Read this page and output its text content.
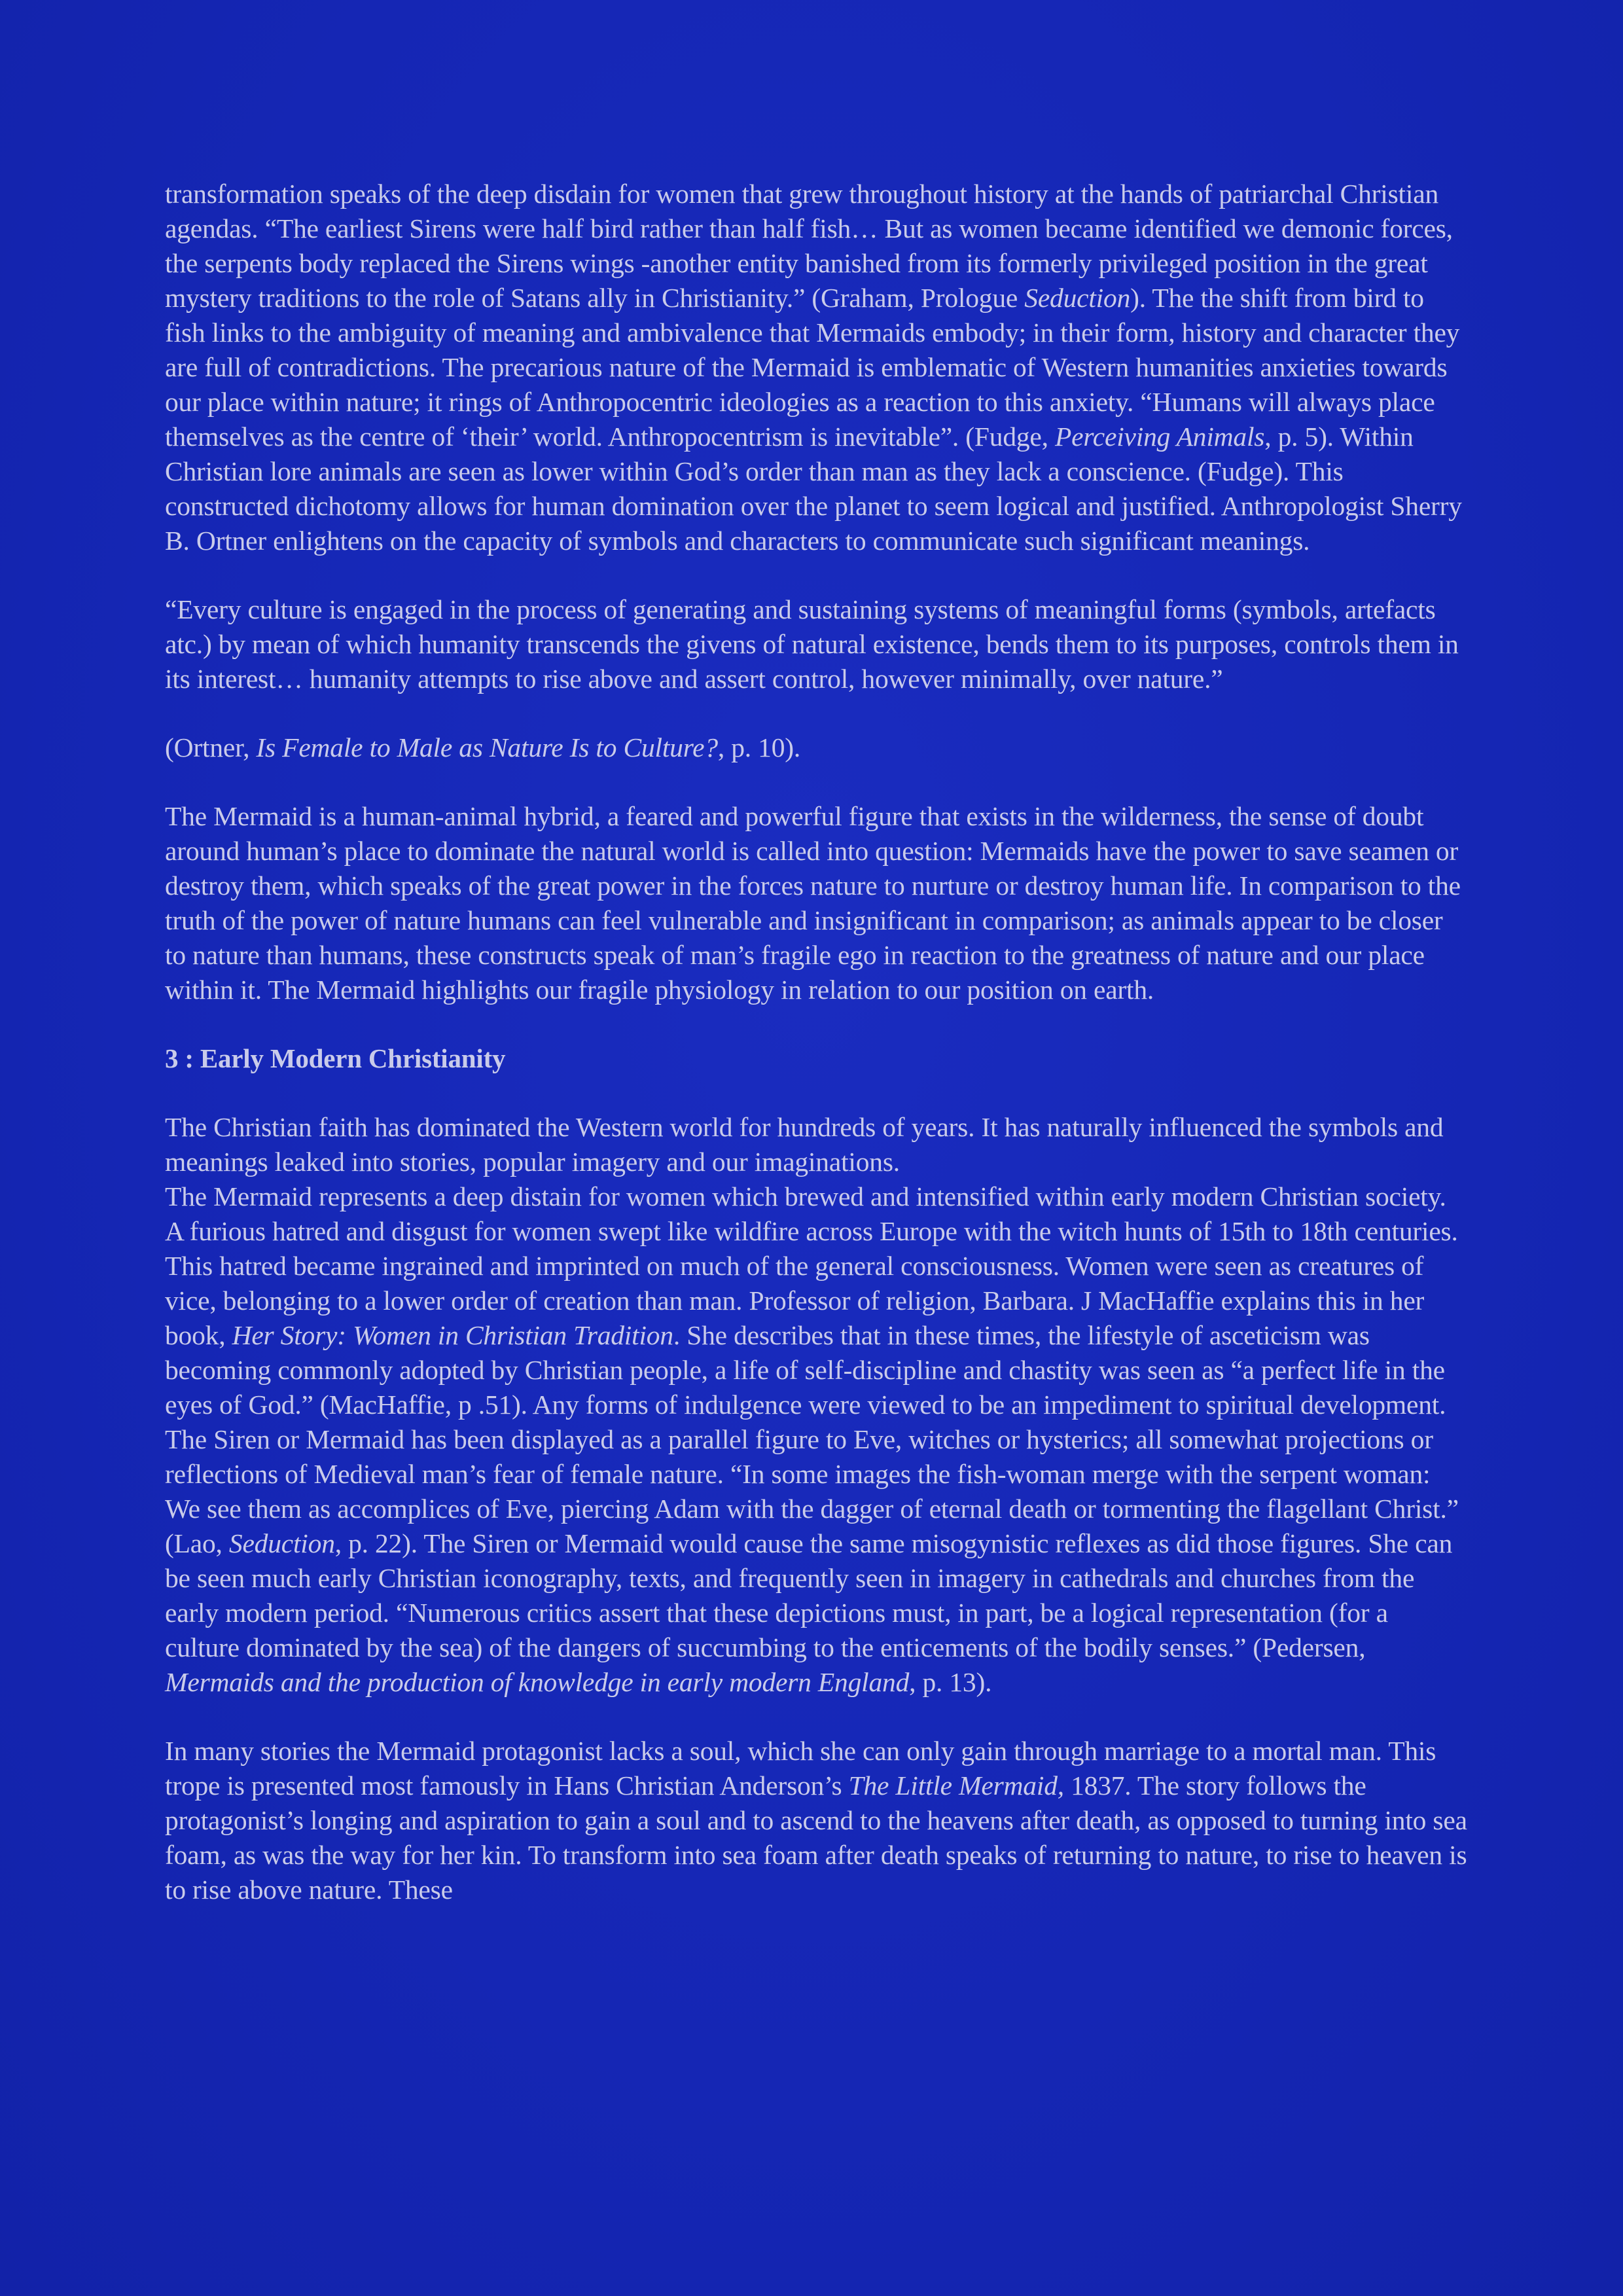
transformation speaks of the deep disdain for women that grew throughout history at the hands of patriarchal Christian agendas. “The earliest Sirens were half bird rather than half fish… But as women became identified we demonic forces, the serpents body replaced the Sirens wings -another entity banished from its formerly privileged position in the great mystery traditions to the role of Satans ally in Christianity.” (Graham, Prologue Seduction). The the shift from bird to fish links to the ambiguity of meaning and ambivalence that Mermaids embody; in their form, history and character they are full of contradictions. The precarious nature of the Mermaid is emblematic of Western humanities anxieties towards our place within nature; it rings of Anthropocentric ideologies as a reaction to this anxiety. “Humans will always place themselves as the centre of ‘their’ world. Anthropocentrism is inevitable”. (Fudge, Perceiving Animals, p. 5). Within Christian lore animals are seen as lower within God’s order than man as they lack a conscience. (Fudge). This constructed dichotomy allows for human domination over the planet to seem logical and justified. Anthropologist Sherry B. Ortner enlightens on the capacity of symbols and characters to communicate such significant meanings.

“Every culture is engaged in the process of generating and sustaining systems of meaningful forms (symbols, artefacts atc.) by mean of which humanity transcends the givens of natural existence, bends them to its purposes, controls them in its interest… humanity attempts to rise above and assert control, however minimally, over nature.”

(Ortner, Is Female to Male as Nature Is to Culture?, p. 10).

The Mermaid is a human-animal hybrid, a feared and powerful figure that exists in the wilderness, the sense of doubt around human’s place to dominate the natural world is called into question: Mermaids have the power to save seamen or destroy them, which speaks of the great power in the forces nature to nurture or destroy human life. In comparison to the truth of the power of nature humans can feel vulnerable and insignificant in comparison; as animals appear to be closer to nature than humans, these constructs speak of man’s fragile ego in reaction to the greatness of nature and our place within it. The Mermaid highlights our fragile physiology in relation to our position on earth.

3 : Early Modern Christianity

The Christian faith has dominated the Western world for hundreds of years. It has naturally influenced the symbols and meanings leaked into stories, popular imagery and our imaginations.

The Mermaid represents a deep distain for women which brewed and intensified within early modern Christian society. A furious hatred and disgust for women swept like wildfire across Europe with the witch hunts of 15th to 18th centuries. This hatred became ingrained and imprinted on much of the general consciousness. Women were seen as creatures of vice, belonging to a lower order of creation than man. Professor of religion, Barbara. J MacHaffie explains this in her book, Her Story: Women in Christian Tradition. She describes that in these times, the lifestyle of asceticism was becoming commonly adopted by Christian people, a life of self-discipline and chastity was seen as “a perfect life in the eyes of God.” (MacHaffie, p .51). Any forms of indulgence were viewed to be an impediment to spiritual development. The Siren or Mermaid has been displayed as a parallel figure to Eve, witches or hysterics; all somewhat projections or reflections of Medieval man’s fear of female nature. “In some images the fish-woman merge with the serpent woman: We see them as accomplices of Eve, piercing Adam with the dagger of eternal death or tormenting the flagellant Christ.” (Lao, Seduction, p. 22). The Siren or Mermaid would cause the same misogynistic reflexes as did those figures. She can be seen much early Christian iconography, texts, and frequently seen in imagery in cathedrals and churches from the early modern period. “Numerous critics assert that these depictions must, in part, be a logical representation (for a culture dominated by the sea) of the dangers of succumbing to the enticements of the bodily senses.” (Pedersen, Mermaids and the production of knowledge in early modern England, p. 13).

In many stories the Mermaid protagonist lacks a soul, which she can only gain through marriage to a mortal man. This trope is presented most famously in Hans Christian Anderson’s The Little Mermaid, 1837. The story follows the protagonist’s longing and aspiration to gain a soul and to ascend to the heavens after death, as opposed to turning into sea foam, as was the way for her kin. To transform into sea foam after death speaks of returning to nature, to rise to heaven is to rise above nature. These
